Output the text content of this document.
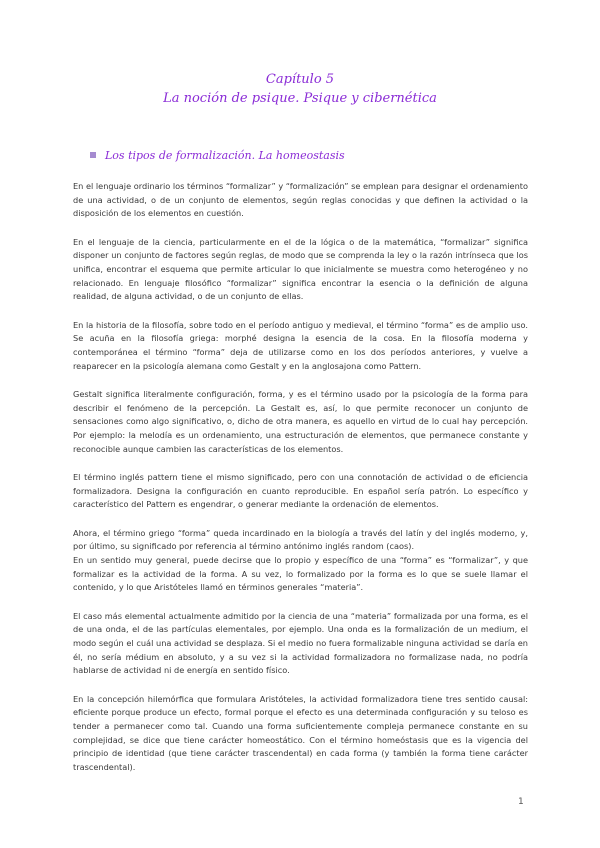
Capítulo 5
La noción de psique. Psique y cibernética
Los tipos de formalización. La homeostasis

En el lenguaje ordinario los términos “formalizar” y “formalización” se emplean para designar el ordenamiento de una actividad, o de un conjunto de elementos, según reglas conocidas y que definen la actividad o la disposición de los elementos en cuestión.

En el lenguaje de la ciencia, particularmente en el de la lógica o de la matemática, “formalizar” significa disponer un conjunto de factores según reglas, de modo que se comprenda la ley o la razón intrínseca que los unifica, encontrar el esquema que permite articular lo que inicialmente se muestra como heterogéneo y no relacionado. En lenguaje filosófico “formalizar” significa encontrar la esencia o la definición de alguna realidad, de alguna actividad, o de un conjunto de ellas.

En la historia de la filosofía, sobre todo en el período antiguo y medieval, el término “forma” es de amplio uso. Se acuña en la filosofía griega: morphé designa la esencia de la cosa. En la filosofía moderna y contemporánea el término “forma” deja de utilizarse como en los dos períodos anteriores, y vuelve a reaparecer en la psicología alemana como Gestalt y en la anglosajona como Pattern.

Gestalt significa literalmente configuración, forma, y es el término usado por la psicología de la forma para describir el fenómeno de la percepción. La Gestalt es, así, lo que permite reconocer un conjunto de sensaciones como algo significativo, o, dicho de otra manera, es aquello en virtud de lo cual hay percepción. Por ejemplo: la melodía es un ordenamiento, una estructuración de elementos, que permanece constante y reconocible aunque cambien las características de los elementos.

El término inglés pattern tiene el mismo significado, pero con una connotación de actividad o de eficiencia formalizadora. Designa la configuración en cuanto reproducible. En español sería patrón. Lo específico y característico del Pattern es engendrar, o generar mediante la ordenación de elementos.

Ahora, el término griego “forma” queda incardinado en la biología a través del latín y del inglés moderno, y, por último, su significado por referencia al término antónimo inglés random (caos).

En un sentido muy general, puede decirse que lo propio y específico de una “forma” es “formalizar”, y que formalizar es la actividad de la forma. A su vez, lo formalizado por la forma es lo que se suele llamar el contenido, y lo que Aristóteles llamó en términos generales “materia”.

El caso más elemental actualmente admitido por la ciencia de una “materia” formalizada por una forma, es el de una onda, el de las partículas elementales, por ejemplo. Una onda es la formalización de un medium, el modo según el cuál una actividad se desplaza. Si el medio no fuera formalizable ninguna actividad se daría en él, no sería médium en absoluto, y a su vez si la actividad formalizadora no formalizase nada, no podría hablarse de actividad ni de energía en sentido físico.

En la concepción hilemórfica que formulara Aristóteles, la actividad formalizadora tiene tres sentido causal: eficiente porque produce un efecto, formal porque el efecto es una determinada configuración y su teloso es tender a permanecer como tal. Cuando una forma suficientemente compleja permanece constante en su complejidad, se dice que tiene carácter homeostático. Con el término homeóstasis que es la vigencia del principio de identidad (que tiene carácter trascendental) en cada forma (y también la forma tiene carácter trascendental).

1
